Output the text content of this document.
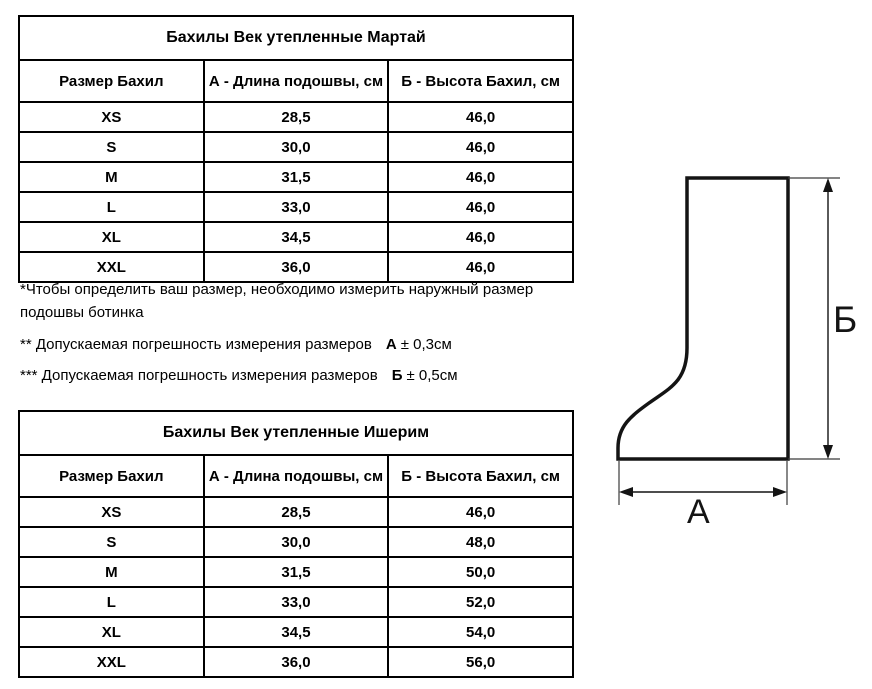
Бахилы Век утепленные Мартай		
Размер Бахил	А - Длина подошвы, см	Б - Высота Бахил, см
XS	28,5	46,0
S	30,0	46,0
M	31,5	46,0
L	33,0	46,0
XL	34,5	46,0
XXL	36,0	46,0

*Чтобы определить ваш размер, необходимо измерить наружный размер подошвы ботинка

** Допускаемая погрешность измерения размеров А ± 0,3см

*** Допускаемая погрешность измерения размеров Б ± 0,5см

Бахилы Век утепленные Ишерим		
Размер Бахил	А - Длина подошвы, см	Б - Высота Бахил, см
XS	28,5	46,0
S	30,0	48,0
M	31,5	50,0
L	33,0	52,0
XL	34,5	54,0
XXL	36,0	56,0
Б
А
